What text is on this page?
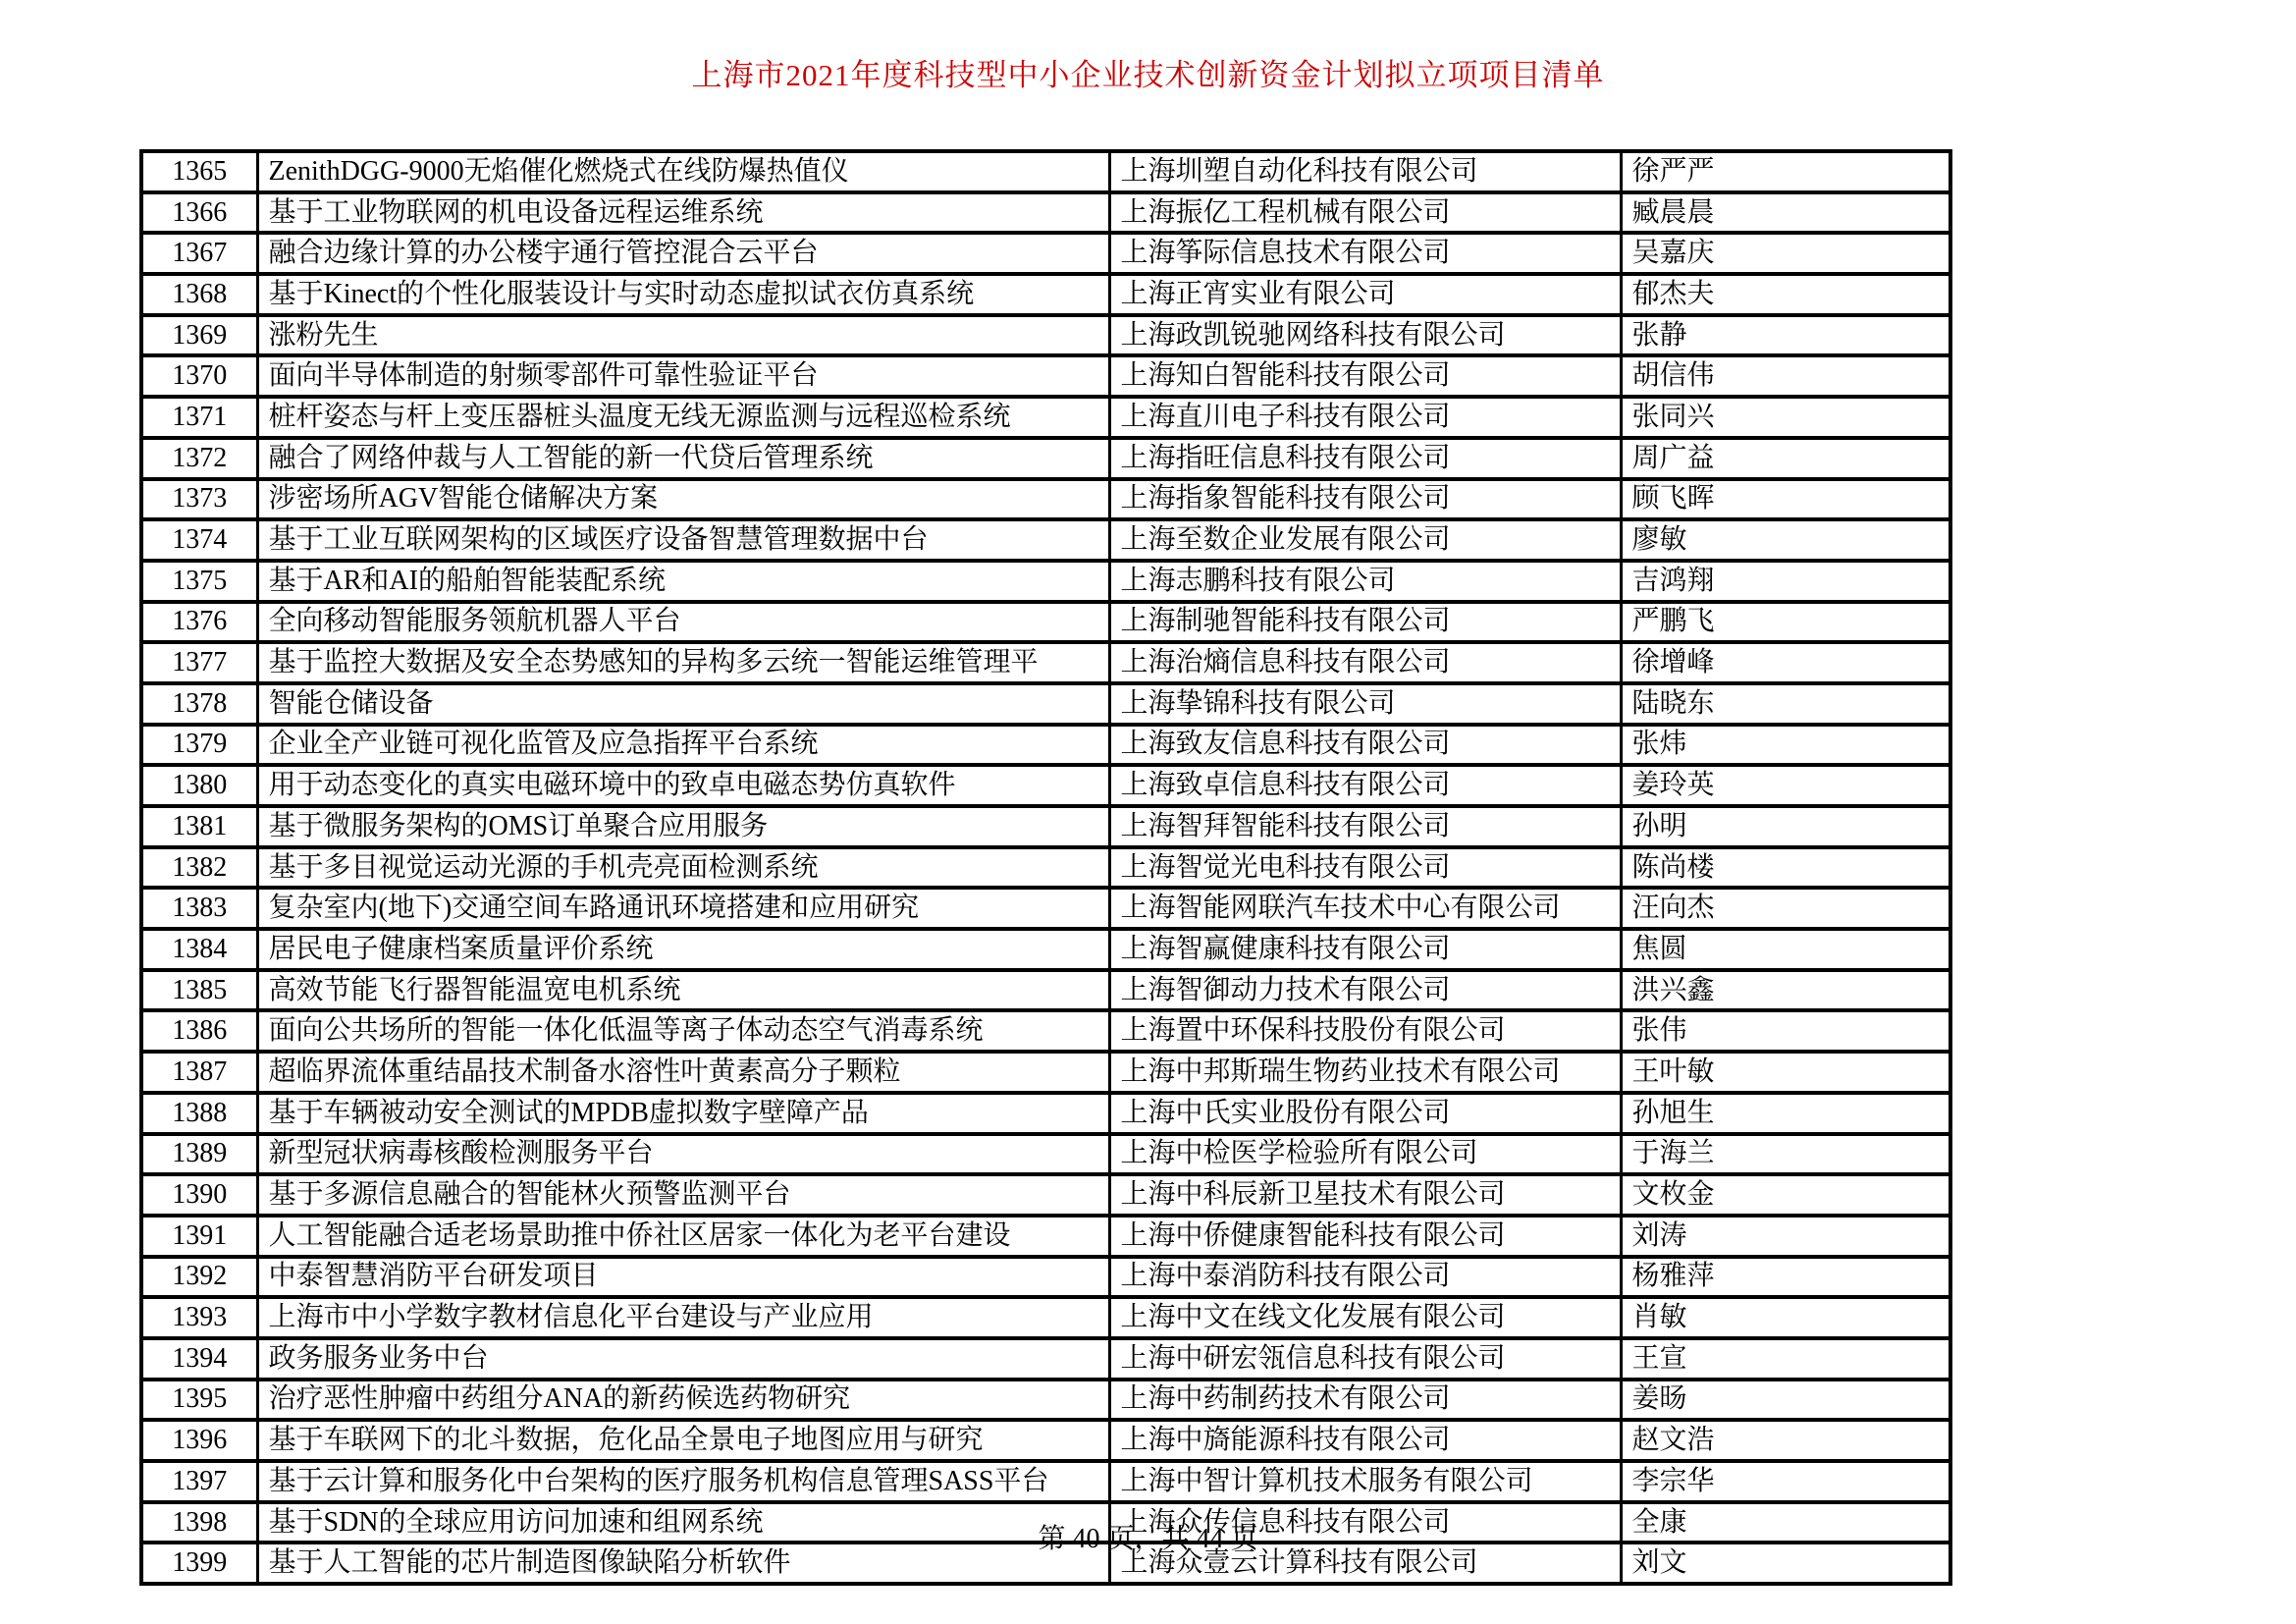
上海市2021年度科技型中小企业技术创新资金计划拟立项项目清单
1365	ZenithDGG-9000无焰催化燃烧式在线防爆热值仪	上海圳塑自动化科技有限公司	徐严严
1366	基于工业物联网的机电设备远程运维系统	上海振亿工程机械有限公司	臧晨晨
1367	融合边缘计算的办公楼宇通行管控混合云平台	上海筝际信息技术有限公司	吴嘉庆
1368	基于Kinect的个性化服装设计与实时动态虚拟试衣仿真系统	上海正宵实业有限公司	郁杰夫
1369	涨粉先生	上海政凯锐驰网络科技有限公司	张静
1370	面向半导体制造的射频零部件可靠性验证平台	上海知白智能科技有限公司	胡信伟
1371	桩杆姿态与杆上变压器桩头温度无线无源监测与远程巡检系统	上海直川电子科技有限公司	张同兴
1372	融合了网络仲裁与人工智能的新一代贷后管理系统	上海指旺信息科技有限公司	周广益
1373	涉密场所AGV智能仓储解决方案	上海指象智能科技有限公司	顾飞晖
1374	基于工业互联网架构的区域医疗设备智慧管理数据中台	上海至数企业发展有限公司	廖敏
1375	基于AR和AI的船舶智能装配系统	上海志鹏科技有限公司	吉鸿翔
1376	全向移动智能服务领航机器人平台	上海制驰智能科技有限公司	严鹏飞
1377	基于监控大数据及安全态势感知的异构多云统一智能运维管理平	上海治熵信息科技有限公司	徐增峰
1378	智能仓储设备	上海挚锦科技有限公司	陆晓东
1379	企业全产业链可视化监管及应急指挥平台系统	上海致友信息科技有限公司	张炜
1380	用于动态变化的真实电磁环境中的致卓电磁态势仿真软件	上海致卓信息科技有限公司	姜玲英
1381	基于微服务架构的OMS订单聚合应用服务	上海智拜智能科技有限公司	孙明
1382	基于多目视觉运动光源的手机壳亮面检测系统	上海智觉光电科技有限公司	陈尚楼
1383	复杂室内(地下)交通空间车路通讯环境搭建和应用研究	上海智能网联汽车技术中心有限公司	汪向杰
1384	居民电子健康档案质量评价系统	上海智赢健康科技有限公司	焦圆
1385	高效节能飞行器智能温宽电机系统	上海智御动力技术有限公司	洪兴鑫
1386	面向公共场所的智能一体化低温等离子体动态空气消毒系统	上海置中环保科技股份有限公司	张伟
1387	超临界流体重结晶技术制备水溶性叶黄素高分子颗粒	上海中邦斯瑞生物药业技术有限公司	王叶敏
1388	基于车辆被动安全测试的MPDB虚拟数字壁障产品	上海中氏实业股份有限公司	孙旭生
1389	新型冠状病毒核酸检测服务平台	上海中检医学检验所有限公司	于海兰
1390	基于多源信息融合的智能林火预警监测平台	上海中科辰新卫星技术有限公司	文枚金
1391	人工智能融合适老场景助推中侨社区居家一体化为老平台建设	上海中侨健康智能科技有限公司	刘涛
1392	中泰智慧消防平台研发项目	上海中泰消防科技有限公司	杨雅萍
1393	上海市中小学数字教材信息化平台建设与产业应用	上海中文在线文化发展有限公司	肖敏
1394	政务服务业务中台	上海中研宏瓴信息科技有限公司	王宣
1395	治疗恶性肿瘤中药组分ANA的新药候选药物研究	上海中药制药技术有限公司	姜旸
1396	基于车联网下的北斗数据，危化品全景电子地图应用与研究	上海中旖能源科技有限公司	赵文浩
1397	基于云计算和服务化中台架构的医疗服务机构信息管理SASS平台	上海中智计算机技术服务有限公司	李宗华
1398	基于SDN的全球应用访问加速和组网系统	上海众传信息科技有限公司	全康
1399	基于人工智能的芯片制造图像缺陷分析软件	上海众壹云计算科技有限公司	刘文
第 40 页，共 44 页
